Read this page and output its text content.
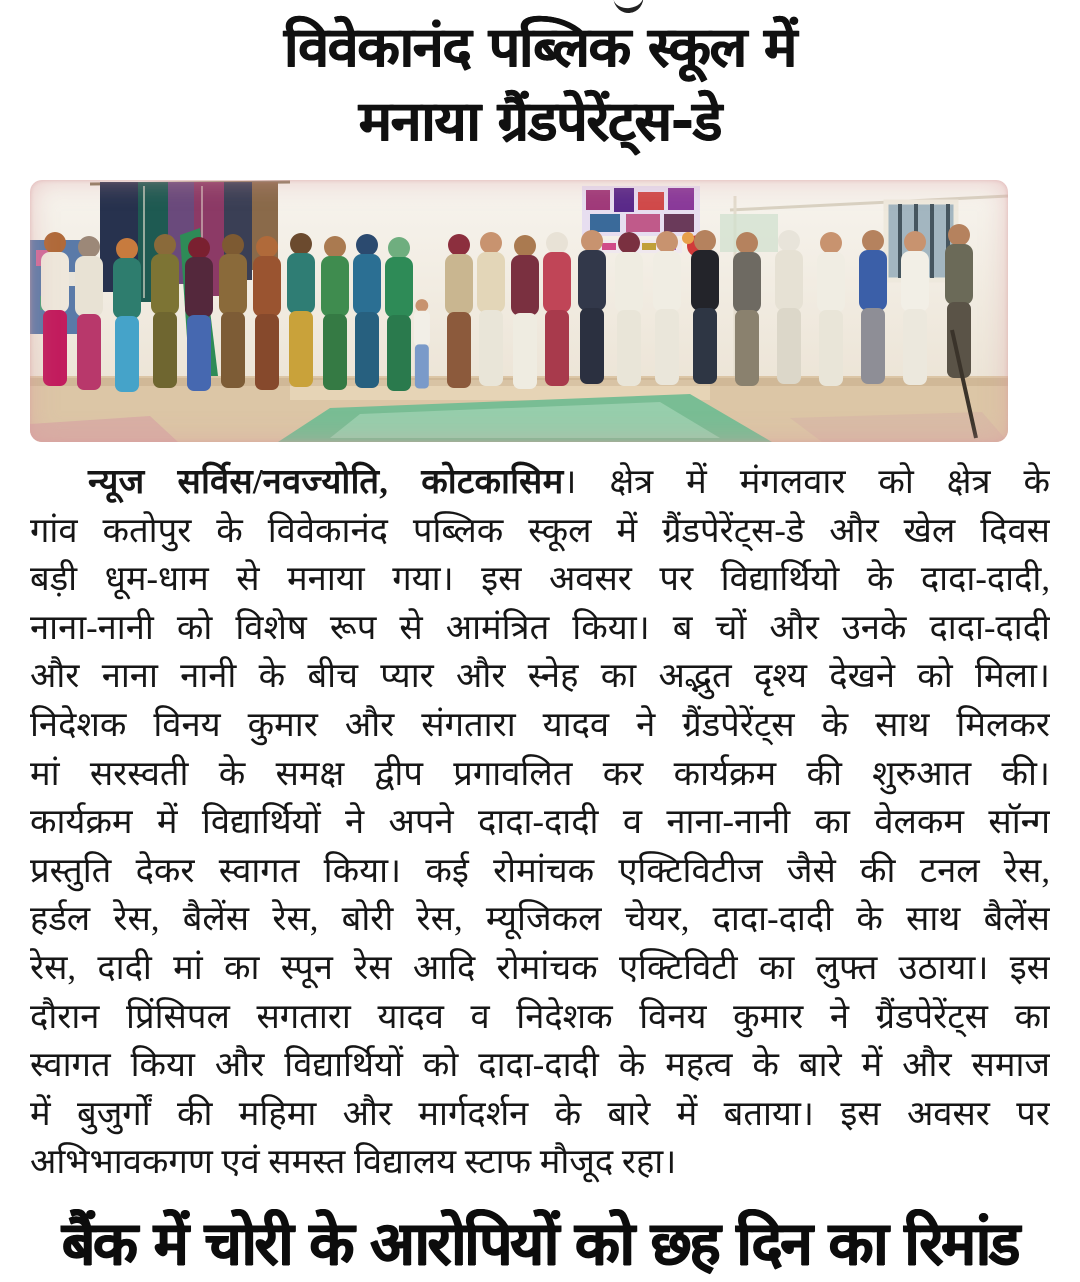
विवेकानंद पब्लिक स्कूल में
मनाया ग्रैंडपेरेंट्स-डे
न्यूज सर्विस/नवज्योति, कोटकासिम। क्षेत्र में मंगलवार को क्षेत्र के
गांव कतोपुर के विवेकानंद पब्लिक स्कूल में ग्रैंडपेरेंट्स-डे और खेल दिवस
बड़ी धूम-धाम से मनाया गया। इस अवसर पर विद्यार्थियो के दादा-दादी,
नाना-नानी को विशेष रूप से आमंत्रित किया। ब चों और उनके दादा-दादी
और नाना नानी के बीच प्यार और स्नेह का अद्भुत दृश्य देखने को मिला।
निदेशक विनय कुमार और संगतारा यादव ने ग्रैंडपेरेंट्स के साथ मिलकर
मां सरस्वती के समक्ष द्वीप प्रगावलित कर कार्यक्रम की शुरुआत की।
कार्यक्रम में विद्यार्थियों ने अपने दादा-दादी व नाना-नानी का वेलकम सॉन्ग
प्रस्तुति देकर स्वागत किया। कई रोमांचक एक्टिविटीज जैसे की टनल रेस,
हर्डल रेस, बैलेंस रेस, बोरी रेस, म्यूजिकल चेयर, दादा-दादी के साथ बैलेंस
रेस, दादी मां का स्पून रेस आदि रोमांचक एक्टिविटी का लुफ्त उठाया। इस
दौरान प्रिंसिपल सगतारा यादव व निदेशक विनय कुमार ने ग्रैंडपेरेंट्स का
स्वागत किया और विद्यार्थियों को दादा-दादी के महत्व के बारे में और समाज
में बुजुर्गों की महिमा और मार्गदर्शन के बारे में बताया। इस अवसर पर
अभिभावकगण एवं समस्त विद्यालय स्टाफ मौजूद रहा।
बैंक में चोरी के आरोपियों को छह दिन का रिमांड
